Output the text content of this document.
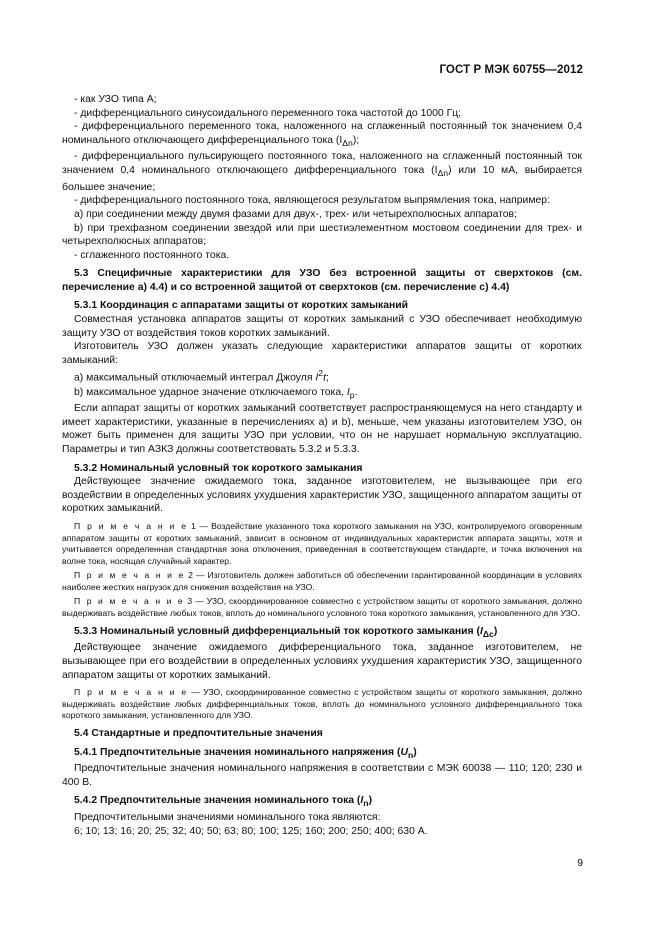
ГОСТ Р МЭК 60755—2012

- как УЗО типа А;

- дифференциального синусоидального переменного тока частотой до 1000 Гц;

- дифференциального переменного тока, наложенного на сглаженный постоянный ток значением 0,4 номинального отключающего дифференциального тока $(I_{\Delta n})$;

- дифференциального пульсирующего постоянного тока, наложенного на сглаженный постоянный ток значением 0,4 номинального отключающего дифференциального тока $(I_{\Delta n})$ или 10 мА, выбирается большее значение;

- дифференциального постоянного тока, являющегося результатом выпрямления тока, например:

a) при соединении между двумя фазами для двух-, трех- или четырехполюсных аппаратов;

b) при трехфазном соединении звездой или при шестиэлементном мостовом соединении для трех- и четырехполюсных аппаратов;

- сглаженного постоянного тока.

5.3 Специфичные характеристики для УЗО без встроенной защиты от сверхтоков (см. перечисление а) 4.4) и со встроенной защитой от сверхтоков (см. перечисление с) 4.4)

5.3.1 Координация с аппаратами защиты от коротких замыканий

Совместная установка аппаратов защиты от коротких замыканий с УЗО обеспечивает необходимую защиту УЗО от воздействия токов коротких замыканий.

Изготовитель УЗО должен указать следующие характеристики аппаратов защиты от коротких замыканий:

a) максимальный отключаемый интеграл Джоуля $I^2t$;

b) максимальное ударное значение отключаемого тока, $I_p$.

Если аппарат защиты от коротких замыканий соответствует распространяющемуся на него стандарту и имеет характеристики, указанные в перечислениях а) и b), меньше, чем указаны изготовителем УЗО, он может быть применен для защиты УЗО при условии, что он не нарушает нормальную эксплуатацию. Параметры и тип АЗКЗ должны соответствовать 5.3.2 и 5.3.3.

5.3.2 Номинальный условный ток короткого замыкания

Действующее значение ожидаемого тока, заданное изготовителем, не вызывающее при его воздействии в определенных условиях ухудшения характеристик УЗО, защищенного аппаратом защиты от коротких замыканий.

П р и м е ч а н и е 1 — Воздействие указанного тока короткого замыкания на УЗО, контролируемого оговоренным аппаратом защиты от коротких замыканий, зависит в основном от индивидуальных характеристик аппарата защиты, хотя и учитывается определенная стандартная зона отключения, приведенная в соответствующем стандарте, и точка включения на волне тока, носящая случайный характер.

П р и м е ч а н и е 2 — Изготовитель должен заботиться об обеспечении гарантированной координации в условиях наиболее жестких нагрузок для снижения воздействия на УЗО.

П р и м е ч а н и е 3 — УЗО, скоординированное совместно с устройством защиты от короткого замыкания, должно выдерживать воздействие любых токов, вплоть до номинального условного тока короткого замыкания, установленного для УЗО.

5.3.3 Номинальный условный дифференциальный ток короткого замыкания $(I_{\Delta c})$

Действующее значение ожидаемого дифференциального тока, заданное изготовителем, не вызывающее при его воздействии в определенных условиях ухудшения характеристик УЗО, защищенного аппаратом защиты от коротких замыканий.

П р и м е ч а н и е — УЗО, скоординированное совместно с устройством защиты от короткого замыкания, должно выдерживать воздействие любых дифференциальных токов, вплоть до номинального условного дифференциального тока короткого замыкания, установленного для УЗО.

5.4 Стандартные и предпочтительные значения

5.4.1 Предпочтительные значения номинального напряжения $(U_n)$

Предпочтительные значения номинального напряжения в соответствии с МЭК 60038 — 110; 120; 230 и 400 В.

5.4.2 Предпочтительные значения номинального тока $(I_n)$

Предпочтительными значениями номинального тока являются:

6; 10; 13; 16; 20; 25; 32; 40; 50; 63; 80; 100; 125; 160; 200; 250; 400; 630 А.

9
